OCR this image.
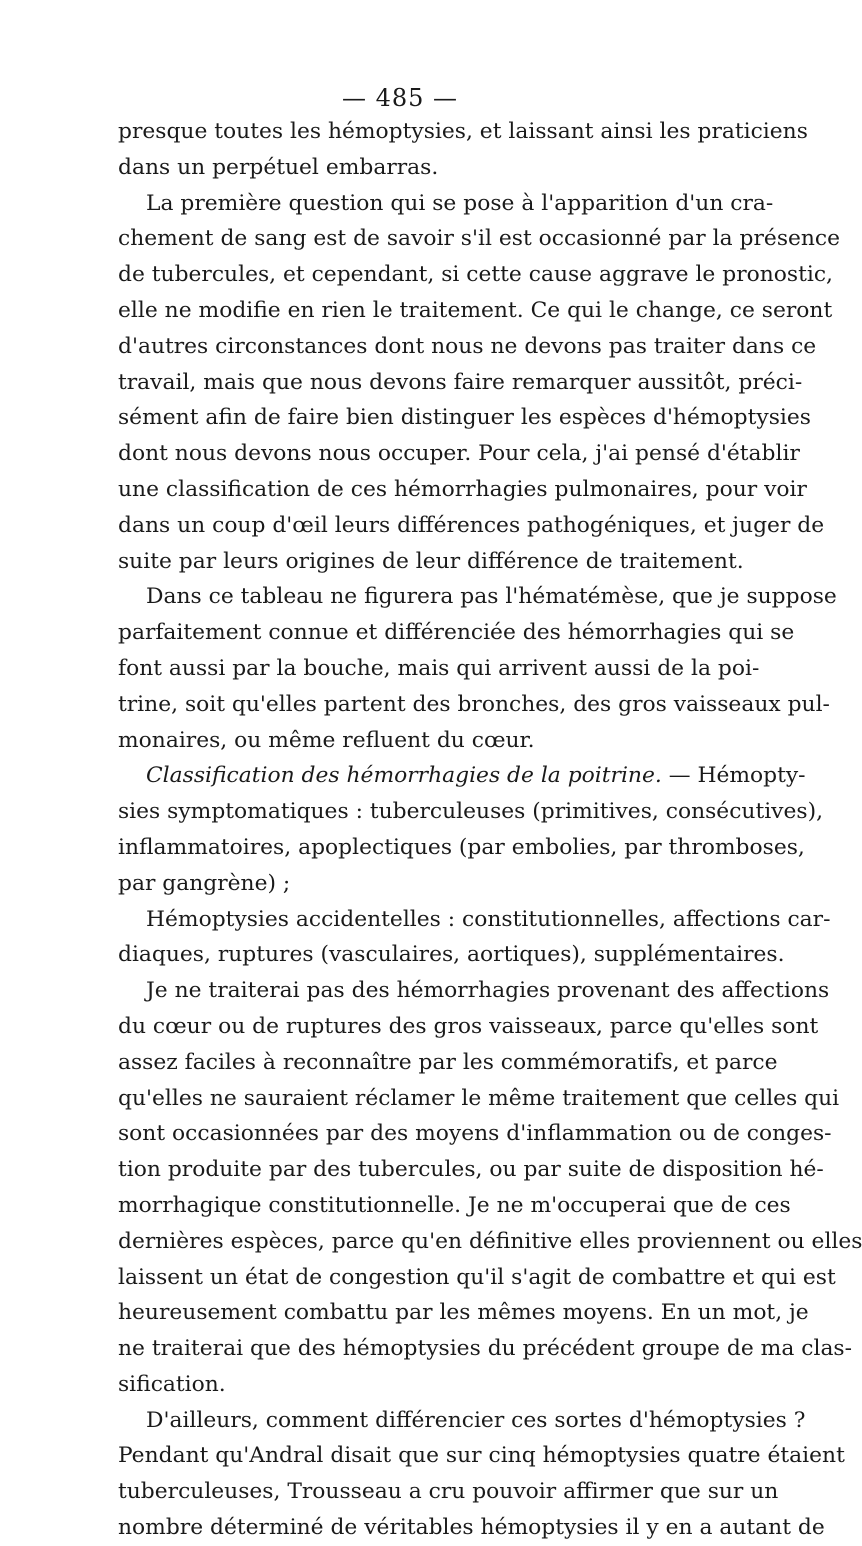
— 485 —
presque toutes les hémoptysies, et laissant ainsi les praticiens
dans un perpétuel embarras.
La première question qui se pose à l'apparition d'un cra-
chement de sang est de savoir s'il est occasionné par la présence
de tubercules, et cependant, si cette cause aggrave le pronostic,
elle ne modifie en rien le traitement. Ce qui le change, ce seront
d'autres circonstances dont nous ne devons pas traiter dans ce
travail, mais que nous devons faire remarquer aussitôt, préci-
sément afin de faire bien distinguer les espèces d'hémoptysies
dont nous devons nous occuper. Pour cela, j'ai pensé d'établir
une classification de ces hémorrhagies pulmonaires, pour voir
dans un coup d'œil leurs différences pathogéniques, et juger de
suite par leurs origines de leur différence de traitement.
Dans ce tableau ne figurera pas l'hématémèse, que je suppose
parfaitement connue et différenciée des hémorrhagies qui se
font aussi par la bouche, mais qui arrivent aussi de la poi-
trine, soit qu'elles partent des bronches, des gros vaisseaux pul-
monaires, ou même refluent du cœur.
Classification des hémorrhagies de la poitrine. — Hémopty-
sies symptomatiques : tuberculeuses (primitives, consécutives),
inflammatoires, apoplectiques (par embolies, par thromboses,
par gangrène) ;
Hémoptysies accidentelles : constitutionnelles, affections car-
diaques, ruptures (vasculaires, aortiques), supplémentaires.
Je ne traiterai pas des hémorrhagies provenant des affections
du cœur ou de ruptures des gros vaisseaux, parce qu'elles sont
assez faciles à reconnaître par les commémoratifs, et parce
qu'elles ne sauraient réclamer le même traitement que celles qui
sont occasionnées par des moyens d'inflammation ou de conges-
tion produite par des tubercules, ou par suite de disposition hé-
morrhagique constitutionnelle. Je ne m'occuperai que de ces
dernières espèces, parce qu'en définitive elles proviennent ou elles
laissent un état de congestion qu'il s'agit de combattre et qui est
heureusement combattu par les mêmes moyens. En un mot, je
ne traiterai que des hémoptysies du précédent groupe de ma clas-
sification.
D'ailleurs, comment différencier ces sortes d'hémoptysies ?
Pendant qu'Andral disait que sur cinq hémoptysies quatre étaient
tuberculeuses, Trousseau a cru pouvoir affirmer que sur un
nombre déterminé de véritables hémoptysies il y en a autant de
